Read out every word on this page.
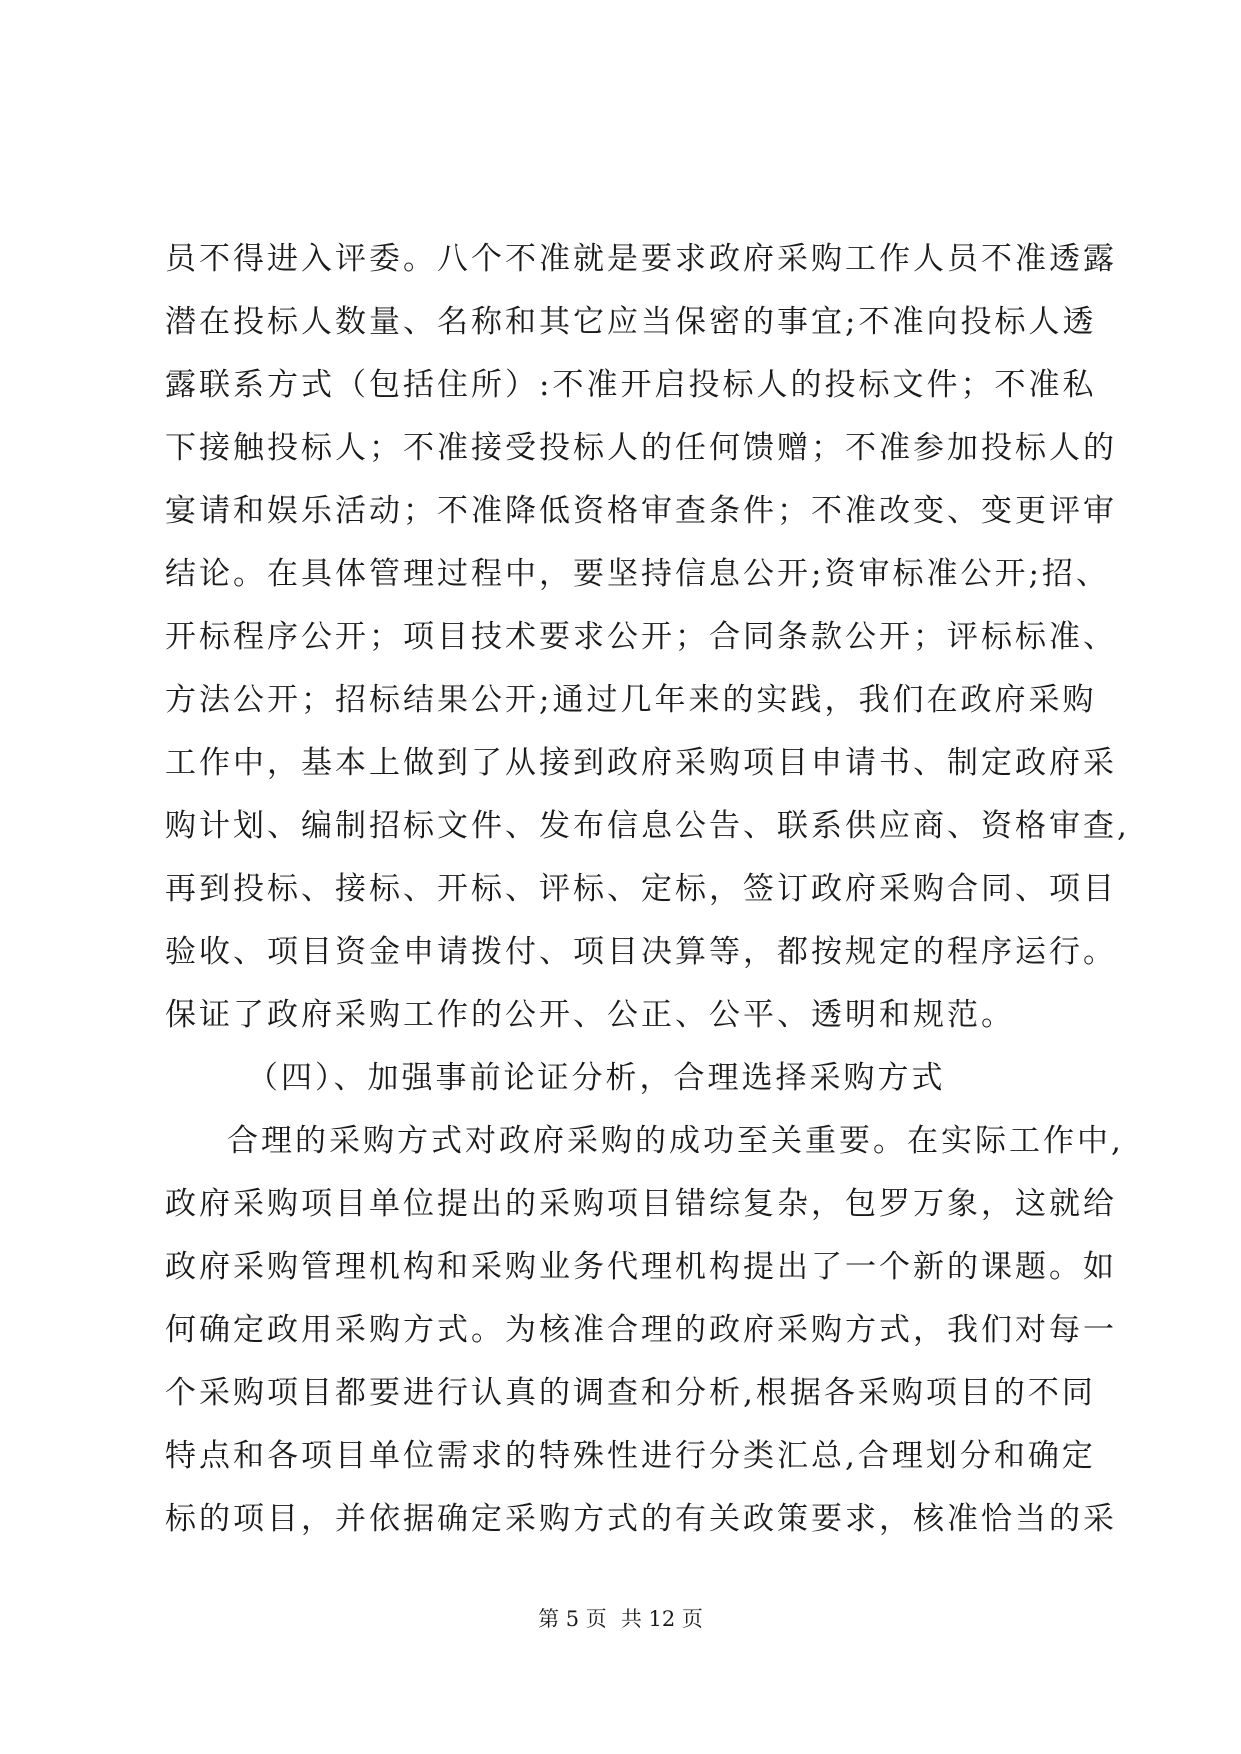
员不得进入评委。八个不准就是要求政府采购工作人员不准透露
潜在投标人数量、名称和其它应当保密的事宜;不准向投标人透
露联系方式（包括住所）:不准开启投标人的投标文件；不准私
下接触投标人；不准接受投标人的任何馈赠；不准参加投标人的
宴请和娱乐活动；不准降低资格审查条件；不准改变、变更评审
结论。在具体管理过程中，要坚持信息公开;资审标准公开;招、
开标程序公开；项目技术要求公开；合同条款公开；评标标准、
方法公开；招标结果公开;通过几年来的实践，我们在政府采购
工作中，基本上做到了从接到政府采购项目申请书、制定政府采
购计划、编制招标文件、发布信息公告、联系供应商、资格审查,
再到投标、接标、开标、评标、定标，签订政府采购合同、项目
验收、项目资金申请拨付、项目决算等，都按规定的程序运行。
保证了政府采购工作的公开、公正、公平、透明和规范。
（四）、加强事前论证分析，合理选择采购方式
合理的采购方式对政府采购的成功至关重要。在实际工作中,
政府采购项目单位提出的采购项目错综复杂，包罗万象，这就给
政府采购管理机构和采购业务代理机构提出了一个新的课题。如
何确定政用采购方式。为核准合理的政府采购方式，我们对每一
个采购项目都要进行认真的调查和分析,根据各采购项目的不同
特点和各项目单位需求的特殊性进行分类汇总,合理划分和确定
标的项目，并依据确定采购方式的有关政策要求，核准恰当的采
第 5 页 共 12 页
